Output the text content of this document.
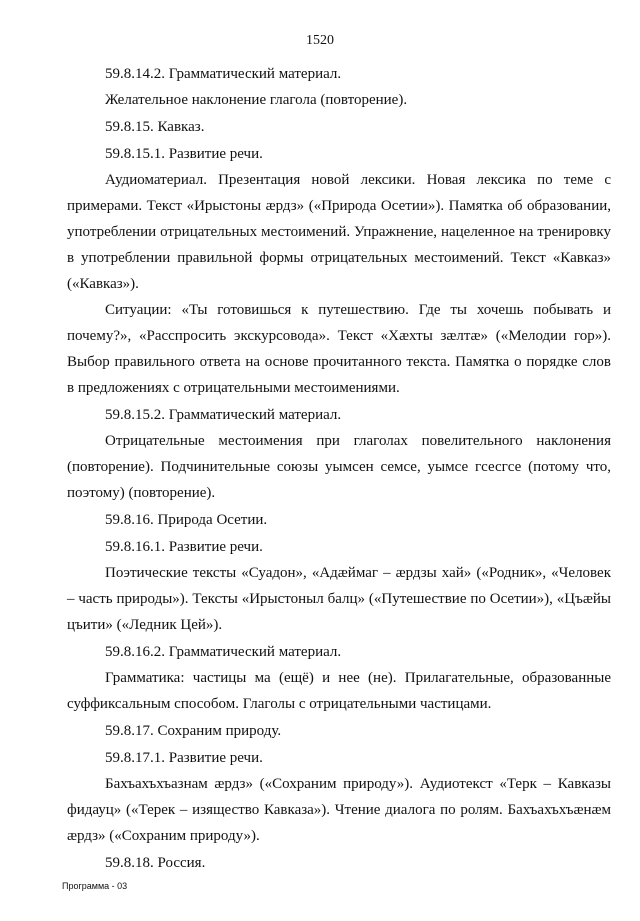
1520

59.8.14.2. Грамматический материал.

Желательное наклонение глагола (повторение).

59.8.15. Кавказ.

59.8.15.1. Развитие речи.

Аудиоматериал. Презентация новой лексики. Новая лексика по теме с примерами. Текст «Ирыстоны ӕрдз» («Природа Осетии»). Памятка об образовании, употреблении отрицательных местоимений. Упражнение, нацеленное на тренировку в употреблении правильной формы отрицательных местоимений. Текст «Кавказ» («Кавказ»).

Ситуации: «Ты готовишься к путешествию. Где ты хочешь побывать и почему?», «Расспросить экскурсовода». Текст «Хӕхты зӕлтӕ» («Мелодии гор»). Выбор правильного ответа на основе прочитанного текста. Памятка о порядке слов в предложениях с отрицательными местоимениями.

59.8.15.2. Грамматический материал.

Отрицательные местоимения при глаголах повелительного наклонения (повторение). Подчинительные союзы уымсен семсе, уымсе гсесгсе (потому что, поэтому) (повторение).

59.8.16. Природа Осетии.

59.8.16.1. Развитие речи.

Поэтические тексты «Суадон», «Адӕймаг – ӕрдзы хай» («Родник», «Человек – часть природы»). Тексты «Ирыстоныл балц» («Путешествие по Осетии»), «Цъӕйы цъити» («Ледник Цей»).

59.8.16.2. Грамматический материал.

Грамматика: частицы ма (ещё) и нее (не). Прилагательные, образованные суффиксальным способом. Глаголы с отрицательными частицами.

59.8.17. Сохраним природу.

59.8.17.1. Развитие речи.

Бахъахъхъазнам ӕрдз» («Сохраним природу»). Аудиотекст «Терк – Кавказы фидауц» («Терек – изящество Кавказа»). Чтение диалога по ролям. Бахъахъхъӕнӕм ӕрдз» («Сохраним природу»).

59.8.18. Россия.

Программа - 03
